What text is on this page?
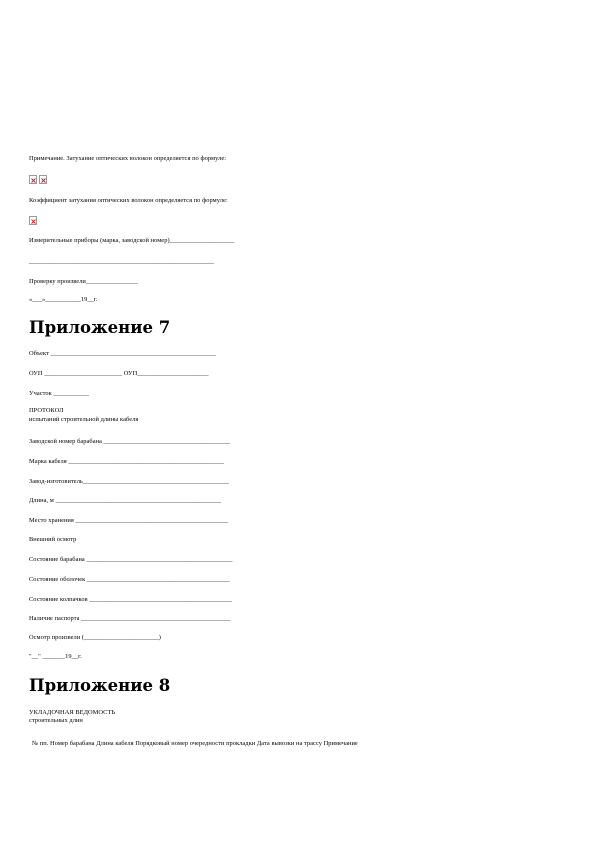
Примечание. Затухание оптических волокон определяется по формуле:
Коэффициент затухания оптических волокон определяется по формуле:
Измерительные приборы (марка, заводской номер)____________________
_________________________________________________________
Проверку произвели________________
«___»___________19__г.
Приложение 7
Объект ___________________________________________________
ОУП ________________________ ОУП______________________
Участок ___________
ПРОТОКОЛ
испытаний строительной длины кабеля
Заводской номер барабана _______________________________________
Марка кабеля ________________________________________________
Завод-изготовитель_____________________________________________
Длина, м ___________________________________________________
Место хранения _______________________________________________
Внешний осмотр
Состояние барабана _____________________________________________
Состояние оболочек ____________________________________________
Состояние колпачков ____________________________________________
Наличие паспорта ______________________________________________
Осмотр произвели (_______________________)
"__" _______19__г.
Приложение 8
УКЛАДОЧНАЯ ВЕДОМОСТЬ
строительных длин
№ пп. Номер барабана Длина кабеля Порядковый номер очередности прокладки Дата вывозки на трассу Примечание
